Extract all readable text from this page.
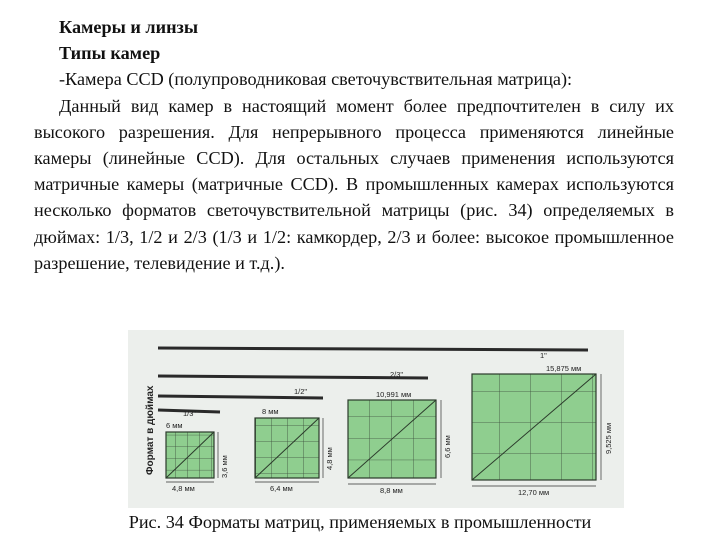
Камеры и линзы

Типы камер

-Камера CCD (полупроводниковая светочувствительная матрица):

Данный вид камер в настоящий момент более предпочтителен в силу их высокого разрешения. Для непрерывного процесса применяются линейные камеры (линейные CCD). Для остальных случаев применения используются матричные камеры (матричные CCD). В промышленных камерах используются несколько форматов светочувствительной матрицы (рис. 34) определяемых в дюймах: 1/3, 1/2 и 2/3 (1/3 и 1/2: камкордер, 2/3 и более: высокое промышленное разрешение, телевидение и т.д.).

Формат в дюймах
1"
2/3"
1/2"
1/3"
6 мм
4,8 мм
3,6 мм
8 мм
6,4 мм
4,8 мм
10,991 мм
8,8 мм
6,6 мм
15,875 мм
12,70 мм
9,525 мм
Рис. 34 Форматы матриц, применяемых в промышленности
